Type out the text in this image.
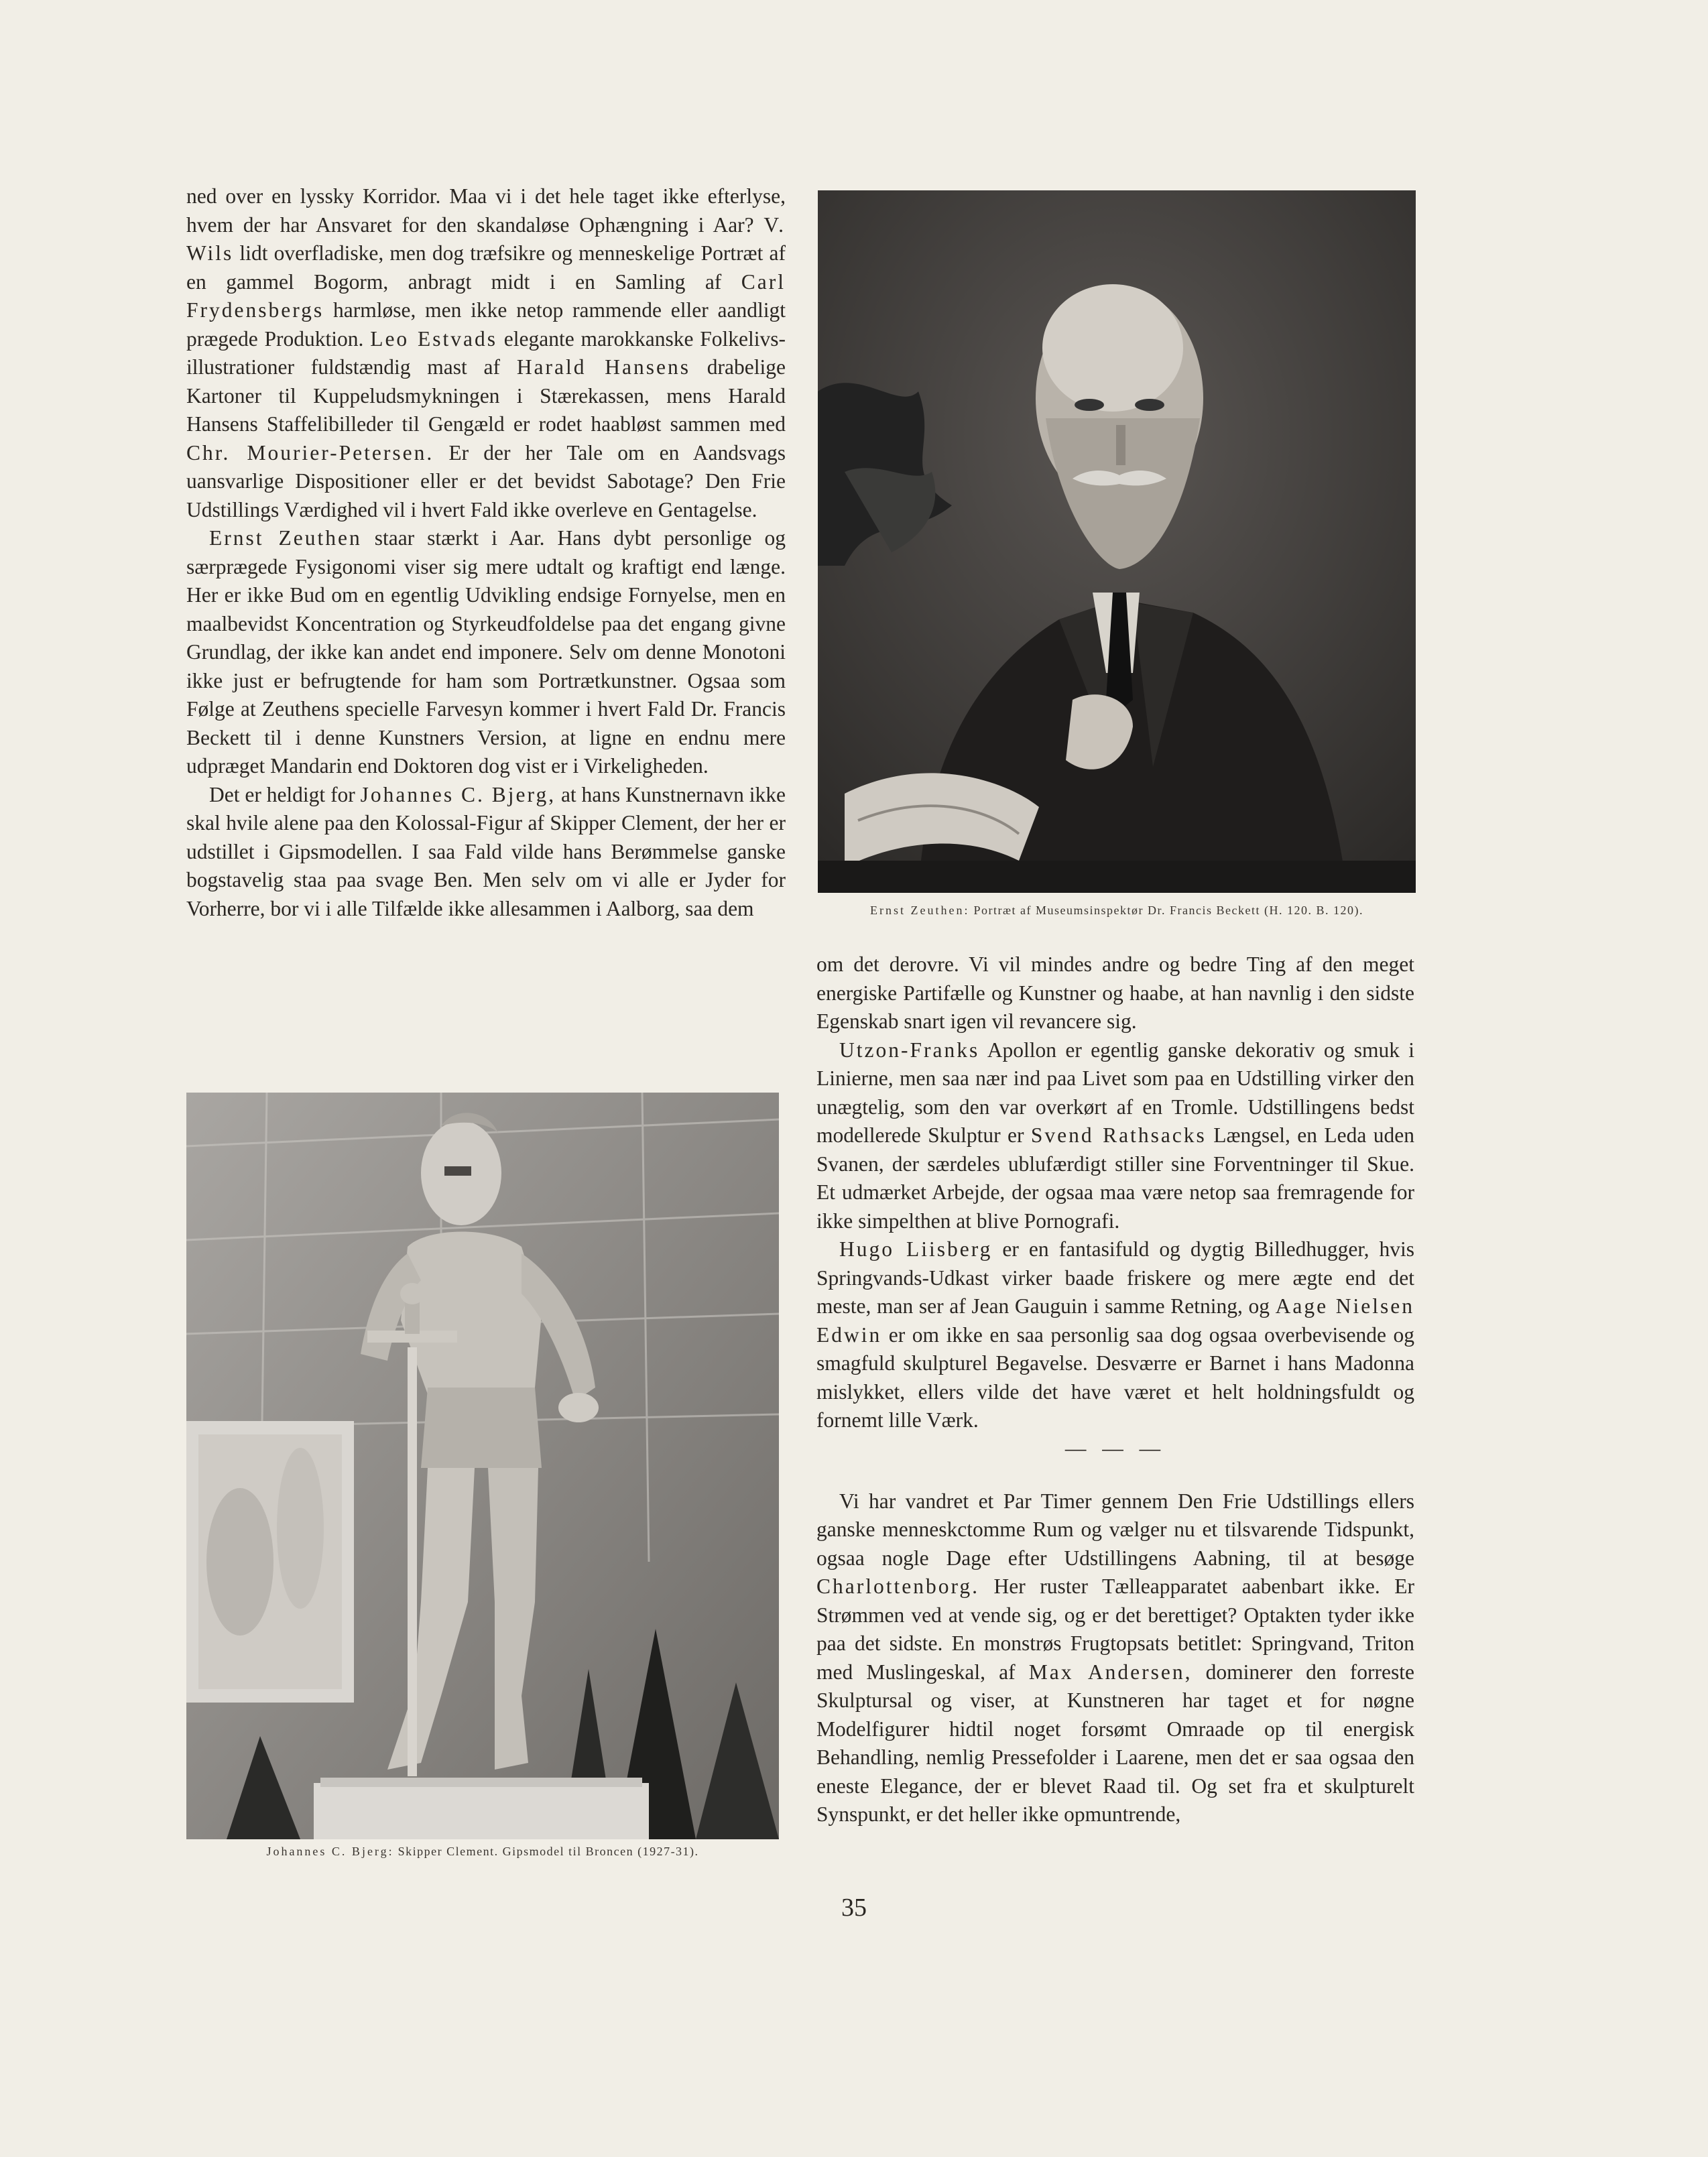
ned over en lyssky Korridor. Maa vi i det hele taget ikke efterlyse, hvem der har Ansvaret for den skandaløse Ophængning i Aar? V. Wils lidt overfladiske, men dog træfsikre og menneskelige Portræt af en gammel Bogorm, anbragt midt i en Samling af Carl Frydensbergs harmløse, men ikke netop rammende eller aandligt prægede Produktion. Leo Estvads elegante marokkanske Folkelivsillustrationer fuldstændig mast af Harald Hansens drabelige Kartoner til Kuppeludsmykningen i Stærekassen, mens Harald Hansens Staffelibilleder til Gengæld er rodet haabløst sammen med Chr. Mourier-Petersen. Er der her Tale om en Aandsvags uansvarlige Dispositioner eller er det bevidst Sabotage? Den Frie Udstillings Værdighed vil i hvert Fald ikke overleve en Gentagelse.

Ernst Zeuthen staar stærkt i Aar. Hans dybt personlige og særprægede Fysigonomi viser sig mere udtalt og kraftigt end længe. Her er ikke Bud om en egentlig Udvikling endsige Fornyelse, men en maalbevidst Koncentration og Styrkeudfoldelse paa det engang givne Grundlag, der ikke kan andet end imponere. Selv om denne Monotoni ikke just er befrugtende for ham som Portrætkunstner. Ogsaa som Følge at Zeuthens specielle Farvesyn kommer i hvert Fald Dr. Francis Beckett til i denne Kunstners Version, at ligne en endnu mere udpræget Mandarin end Doktoren dog vist er i Virkeligheden.

Det er heldigt for Johannes C. Bjerg, at hans Kunstnernavn ikke skal hvile alene paa den Kolossal-Figur af Skipper Clement, der her er udstillet i Gipsmodellen. I saa Fald vilde hans Berømmelse ganske bogstavelig staa paa svage Ben. Men selv om vi alle er Jyder for Vorherre, bor vi i alle Tilfælde ikke allesammen i Aalborg, saa dem	Ernst Zeuthen: Portræt af Museumsinspektør Dr. Francis Beckett (H. 120. B. 120).
Johannes C. Bjerg: Skipper Clement. Gipsmodel til Broncen (1927-31).

om det derovre. Vi vil mindes andre og bedre Ting af den meget energiske Partifælle og Kunstner og haabe, at han navnlig i den sidste Egenskab snart igen vil revancere sig.

Utzon-Franks Apollon er egentlig ganske dekorativ og smuk i Linierne, men saa nær ind paa Livet som paa en Udstilling virker den unægtelig, som den var overkørt af en Tromle. Udstillingens bedst modellerede Skulptur er Svend Rathsacks Længsel, en Leda uden Svanen, der særdeles ublufærdigt stiller sine Forventninger til Skue. Et udmærket Arbejde, der ogsaa maa være netop saa fremragende for ikke simpelthen at blive Pornografi.

Hugo Liisberg er en fantasifuld og dygtig Billedhugger, hvis Springvands-Udkast virker baade friskere og mere ægte end det meste, man ser af Jean Gauguin i samme Retning, og Aage Nielsen Edwin er om ikke en saa personlig saa dog ogsaa overbevisende og smagfuld skulpturel Begavelse. Desværre er Barnet i hans Madonna mislykket, ellers vilde det have været et helt holdningsfuldt og fornemt lille Værk.

— — —

Vi har vandret et Par Timer gennem Den Frie Udstillings ellers ganske menneskctomme Rum og vælger nu et tilsvarende Tidspunkt, ogsaa nogle Dage efter Udstillingens Aabning, til at besøge Charlottenborg. Her ruster Tælleapparatet aabenbart ikke. Er Strømmen ved at vende sig, og er det berettiget? Optakten tyder ikke paa det sidste. En monstrøs Frugtopsats betitlet: Springvand, Triton med Muslingeskal, af Max Andersen, dominerer den forreste Skulptursal og viser, at Kunstneren har taget et for nøgne Modelfigurer hidtil noget forsømt Omraade op til energisk Behandling, nemlig Pressefolder i Laarene, men det er saa ogsaa den eneste Elegance, der er blevet Raad til. Og set fra et skulpturelt Synspunkt, er det heller ikke opmuntrende,

35
